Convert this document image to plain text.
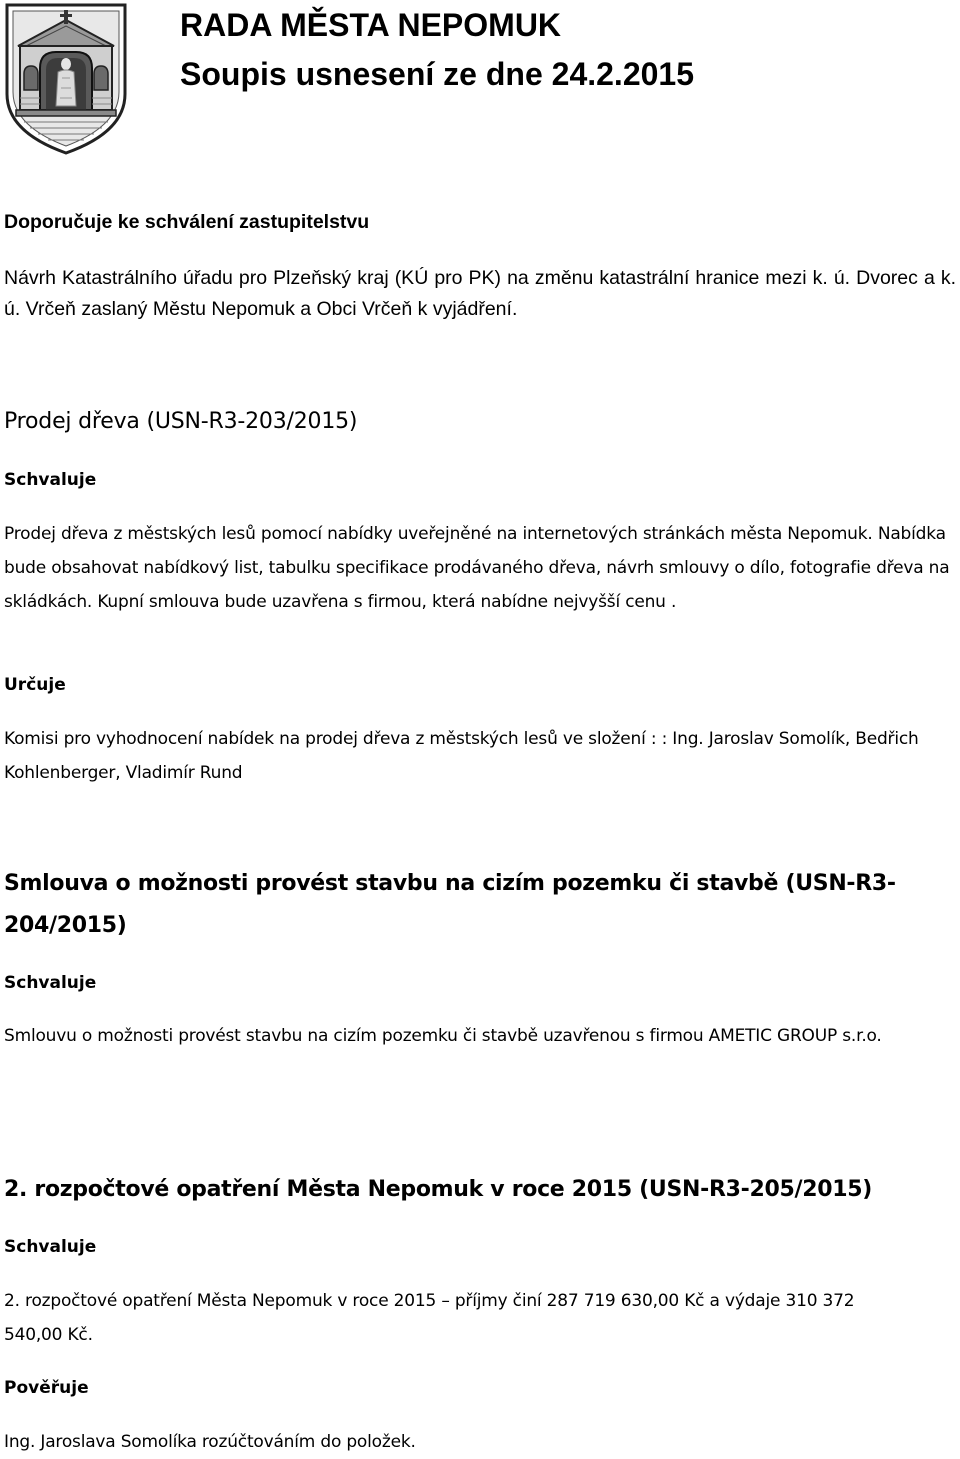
RADA MĚSTA NEPOMUK
Soupis usnesení ze dne 24.2.2015

Doporučuje ke schválení zastupitelstvu

Návrh Katastrálního úřadu pro Plzeňský kraj (KÚ pro PK) na změnu katastrální hranice mezi k. ú. Dvorec a k. ú. Vrčeň zaslaný Městu Nepomuk a Obci Vrčeň k vyjádření.

Prodej dřeva (USN-R3-203/2015)

Schvaluje

Prodej dřeva z městských lesů pomocí nabídky uveřejněné na internetových stránkách města Nepomuk. Nabídka bude obsahovat nabídkový list, tabulku specifikace prodávaného dřeva, návrh smlouvy o dílo, fotografie dřeva na skládkách. Kupní smlouva bude uzavřena s firmou, která nabídne nejvyšší cenu .

Určuje

Komisi pro vyhodnocení nabídek na prodej dřeva z městských lesů ve složení : : Ing. Jaroslav Somolík, Bedřich Kohlenberger, Vladimír Rund

Smlouva o možnosti provést stavbu na cizím pozemku či stavbě (USN-R3-204/2015)

Schvaluje

Smlouvu o možnosti provést stavbu na cizím pozemku či stavbě uzavřenou s firmou AMETIC GROUP s.r.o.

2. rozpočtové opatření Města Nepomuk v roce 2015 (USN-R3-205/2015)

Schvaluje

2. rozpočtové opatření Města Nepomuk v roce 2015 – příjmy činí 287 719 630,00 Kč a výdaje 310 372 540,00 Kč.

Pověřuje

Ing. Jaroslava Somolíka rozúčtováním do položek.
